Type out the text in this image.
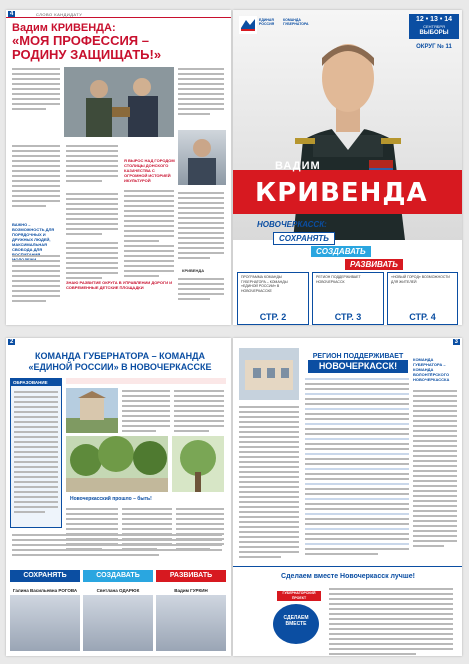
4	СЛОВО КАНДИДАТУ
Вадим КРИВЕНДА:
«МОЯ ПРОФЕССИЯ –
РОДИНУ ЗАЩИЩАТЬ!»
Я ВЫРОС НАД ГОРОДОМ СТОЛИЦЫ ДОНСКОГО КАЗАЧЕСТВА С ОГРОМНОЙ ИСТОРИЕЙ ИКУЛЬТУРОЙ
ВАЖНО – ВОЗМОЖНОСТЬ ДЛЯ ПОРЯДОЧНЫХ И ДРУЖНЫХ ЛЮДЕЙ, МАКСИМАЛЬНАЯ СВОБОДА ДЛЯ
ЗНАЮ РАЗВИТИЕ ОКРУГА В УПРАВЛЕНИИ ДОРОГИ И СОВРЕМЕННЫЕ ДЕТСКИЕ ПЛОЩАДКИ
КРИВЕНДА
ЕДИНАЯ РОССИЯ
КОМАНДА ГУБЕРНАТОРА
12 • 13 • 14
СЕНТЯБРЯ
ВЫБОРЫ
ОКРУГ № 11
ВАДИМ
КРИВЕНДА
НОВОЧЕРКАССК:
СОХРАНЯТЬ
СОЗДАВАТЬ
РАЗВИВАТЬ
ПРОГРАММА КОМАНДЫ ГУБЕРНАТОРА – КОМАНДЫ «ЕДИНОЙ РОССИИ» В НОВОЧЕРКАССКЕ
СТР. 2
РЕГИОН ПОДДЕРЖИВАЕТ НОВОЧЕРКАССК
СТР. 3
«НОВЫЙ ГОРОД» ВОЗМОЖНОСТИ ДЛЯ ЖИТЕЛЕЙ
СТР. 4
2
КОМАНДА ГУБЕРНАТОРА – КОМАНДА «ЕДИНОЙ РОССИИ» В НОВОЧЕРКАССКЕ
ОБРАЗОВАНИЕ
Новочеркасский прошло – быть!
СОХРАНЯТЬ	СОЗДАВАТЬ	РАЗВИВАТЬ
Галина Васильевна РОГОВА	Светлана ОДАРЮК	Вадим ГУРКИН
3
РЕГИОН ПОДДЕРЖИВАЕТ
НОВОЧЕРКАССК!
КОМАНДА ГУБЕРНАТОРА – КОМАНДА ВОЛОНТЁРСКОГО НОВОЧЕРКАССКА
Сделаем вместе Новочеркасск лучше!
ГУБЕРНАТОРСКИЙ ПРОЕКТ
СДЕЛАЕМ
ВМЕСТЕ
